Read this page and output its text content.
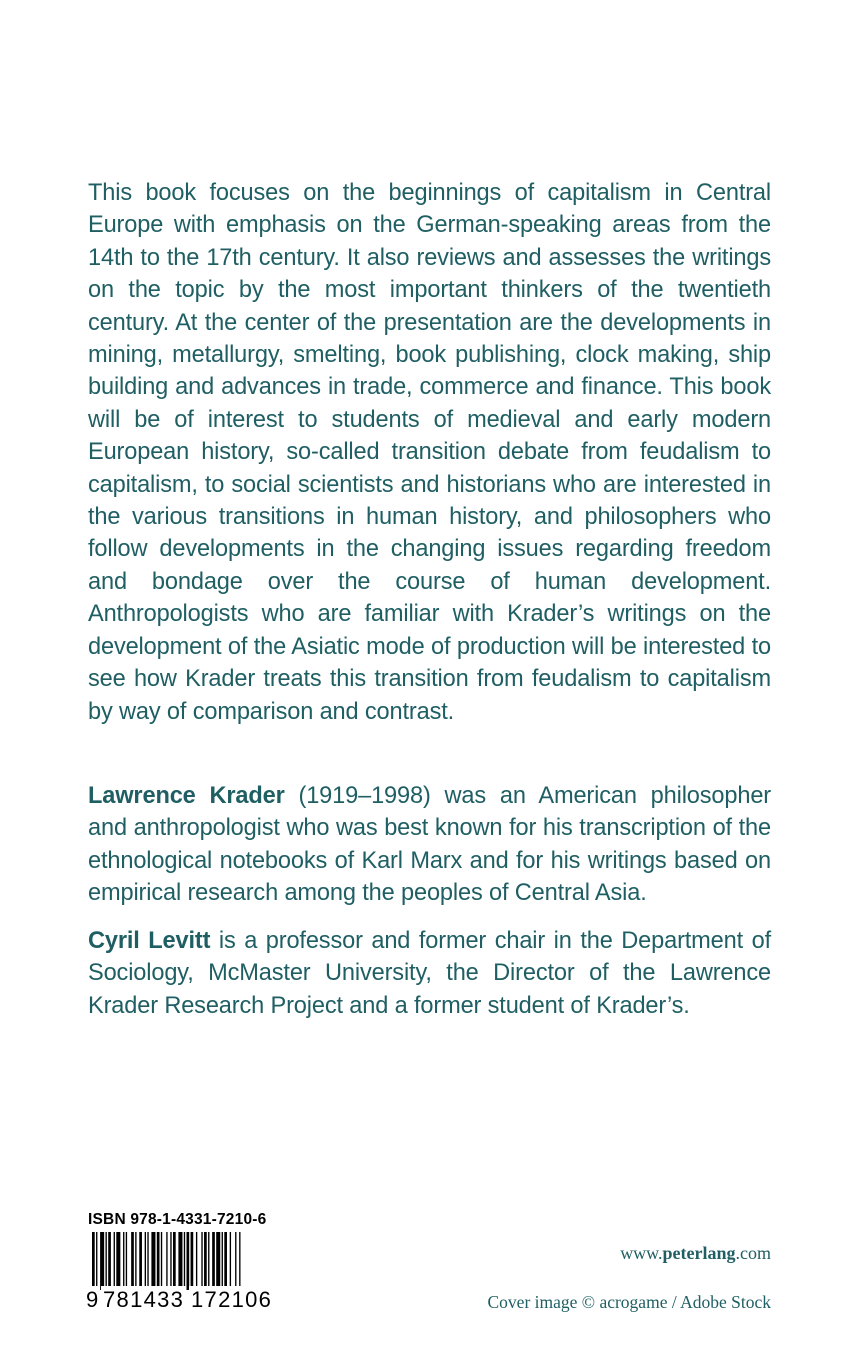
This book focuses on the beginnings of capitalism in Central Europe with emphasis on the German-speaking areas from the 14th to the 17th century. It also reviews and assesses the writings on the topic by the most important thinkers of the twentieth century. At the center of the presentation are the developments in mining, metallurgy, smelting, book publishing, clock making, ship building and advances in trade, commerce and finance. This book will be of interest to students of medieval and early modern European history, so-called transition debate from feudalism to capitalism, to social scientists and historians who are interested in the various transitions in human history, and philosophers who follow developments in the changing issues regarding freedom and bondage over the course of human development. Anthropologists who are familiar with Krader’s writings on the development of the Asiatic mode of production will be interested to see how Krader treats this transition from feudalism to capitalism by way of comparison and contrast.

Lawrence Krader (1919–1998) was an American philosopher and anthropologist who was best known for his transcription of the ethnological notebooks of Karl Marx and for his writings based on empirical research among the peoples of Central Asia.

Cyril Levitt is a professor and former chair in the Department of Sociology, McMaster University, the Director of the Lawrence Krader Research Project and a former student of Krader’s.

ISBN 978-1-4331-7210-6
9 781433 172106
www.peterlang.com
Cover image © acrogame / Adobe Stock
